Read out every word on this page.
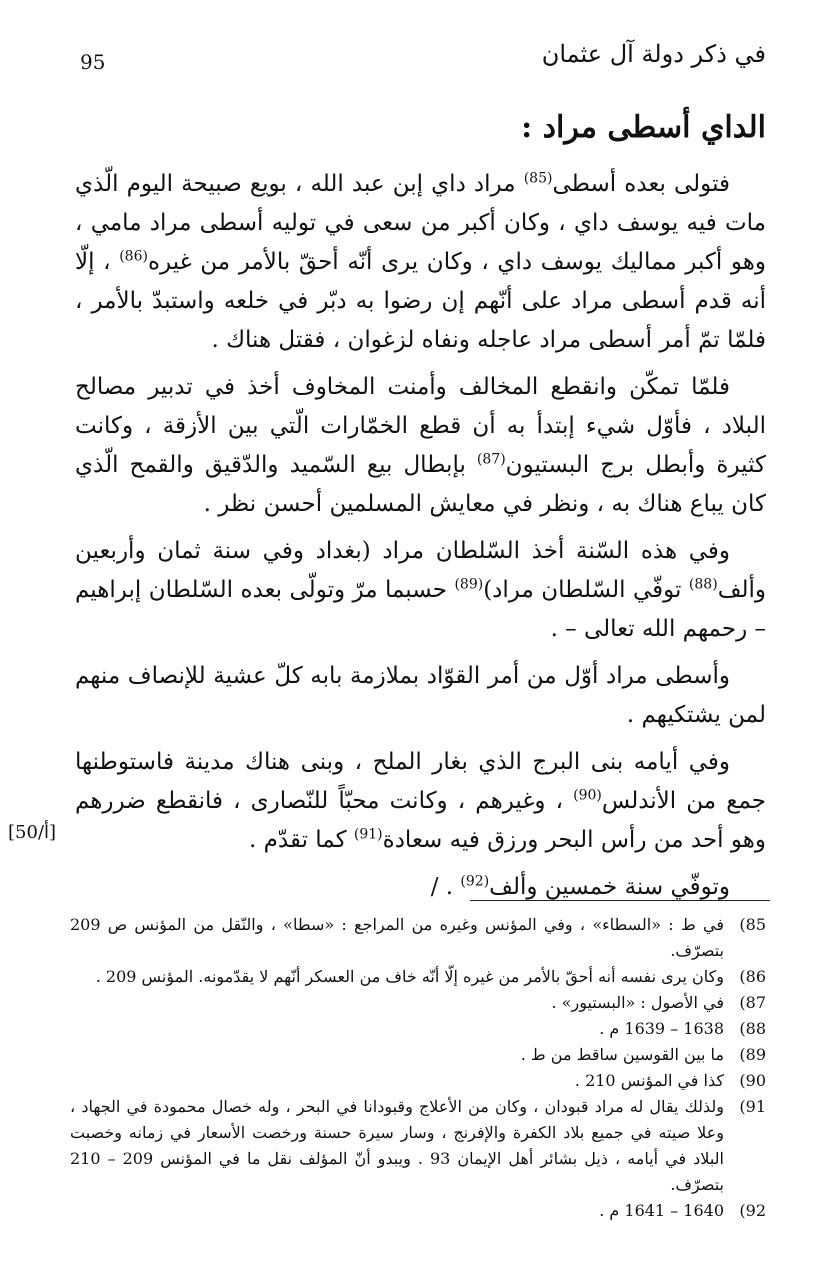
95	في ذكر دولة آل عثمان
الداي أسطى مراد :

فتولى بعده أسطى$^{(85)}$ مراد داي إبن عبد الله ، بويع صبيحة اليوم الّذي مات فيه يوسف داي ، وكان أكبر من سعى في توليه أسطى مراد مامي ، وهو أكبر مماليك يوسف داي ، وكان يرى أنّه أحقّ بالأمر من غيره$^{(86)}$ ، إلّا أنه قدم أسطى مراد على أنّهم إن رضوا به دبّر في خلعه واستبدّ بالأمر ، فلمّا تمّ أمر أسطى مراد عاجله ونفاه لزغوان ، فقتل هناك .

فلمّا تمكّن وانقطع المخالف وأمنت المخاوف أخذ في تدبير مصالح البلاد ، فأوّل شيء إبتدأ به أن قطع الخمّارات الّتي بين الأزقة ، وكانت كثيرة وأبطل برج البستيون$^{(87)}$ بإبطال بيع السّميد والدّقيق والقمح الّذي كان يباع هناك به ، ونظر في معايش المسلمين أحسن نظر .

وفي هذه السّنة أخذ السّلطان مراد (بغداد وفي سنة ثمان وأربعين وألف$^{(88)}$ توفّي السّلطان مراد)$^{(89)}$ حسبما مرّ وتولّى بعده السّلطان إبراهيم – رحمهم الله تعالى – .

وأسطى مراد أوّل من أمر القوّاد بملازمة بابه كلّ عشية للإنصاف منهم لمن يشتكيهم .

وفي أيامه بنى البرج الذي بغار الملح ، وبنى هناك مدينة فاستوطنها جمع من الأندلس$^{(90)}$ ، وغيرهم ، وكانت محبّاً للنّصارى ، فانقطع ضررهم وهو أحد من رأس البحر ورزق فيه سعادة$^{(91)}$ كما تقدّم .

وتوفّي سنة خمسين وألف$^{(92)}$ . /

[أ/50]
85)
في ط : «السطاء» ، وفي المؤنس وغيره من المراجع : «سطا» ، والنّقل من المؤنس ص 209 بتصرّف.
86)
وكان يرى نفسه أنه أحقّ بالأمر من غيره إلّا أنّه خاف من العسكر أنّهم لا يقدّمونه. المؤنس 209 .
87)
في الأصول : «البستيور» .
88)
1638 – 1639 م .
89)
ما بين القوسين ساقط من ط .
90)
كذا في المؤنس 210 .
91)
ولذلك يقال له مراد قبودان ، وكان من الأعلاج وقبودانا في البحر ، وله خصال محمودة في الجهاد ، وعلا صيته في جميع بلاد الكفرة والإفرنج ، وسار سيرة حسنة ورخصت الأسعار في زمانه وخصبت البلاد في أيامه ، ذيل بشائر أهل الإيمان 93 . ويبدو أنّ المؤلف نقل ما في المؤنس 209 – 210 بتصرّف.
92)
1640 – 1641 م .
